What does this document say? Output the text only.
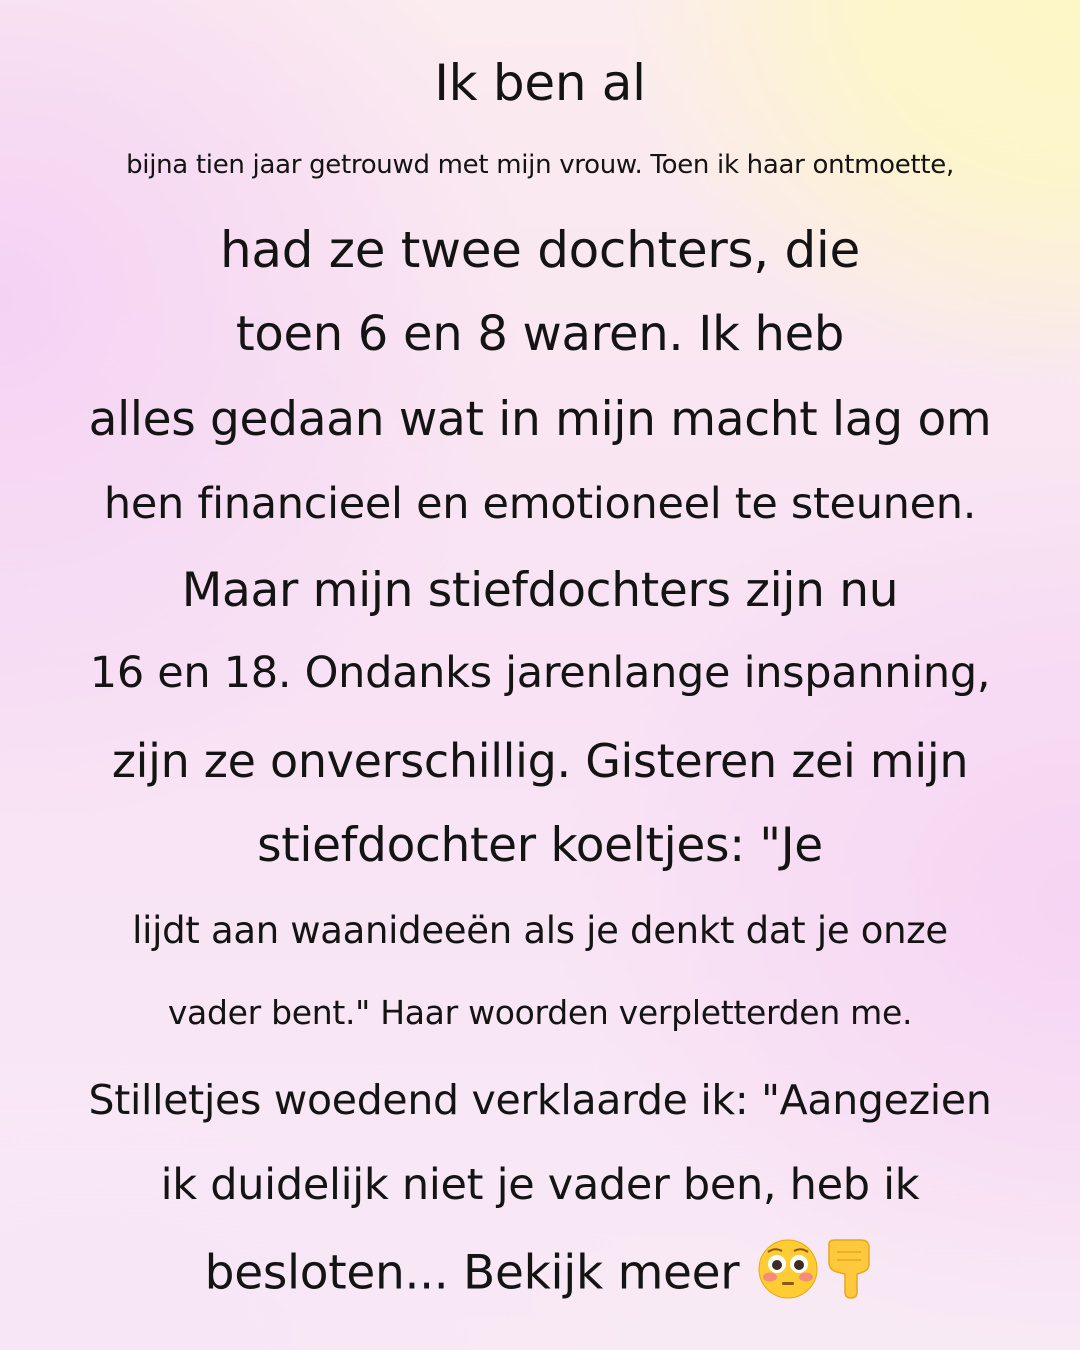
Ik ben al
bijna tien jaar getrouwd met mijn vrouw. Toen ik haar ontmoette,
had ze twee dochters, die
toen 6 en 8 waren. Ik heb
alles gedaan wat in mijn macht lag om
hen financieel en emotioneel te steunen.
Maar mijn stiefdochters zijn nu
16 en 18. Ondanks jarenlange inspanning,
zijn ze onverschillig. Gisteren zei mijn
stiefdochter koeltjes: "Je
lijdt aan waanideeën als je denkt dat je onze
vader bent." Haar woorden verpletterden me.
Stilletjes woedend verklaarde ik: "Aangezien
ik duidelijk niet je vader ben, heb ik
besloten... Bekijk meer
